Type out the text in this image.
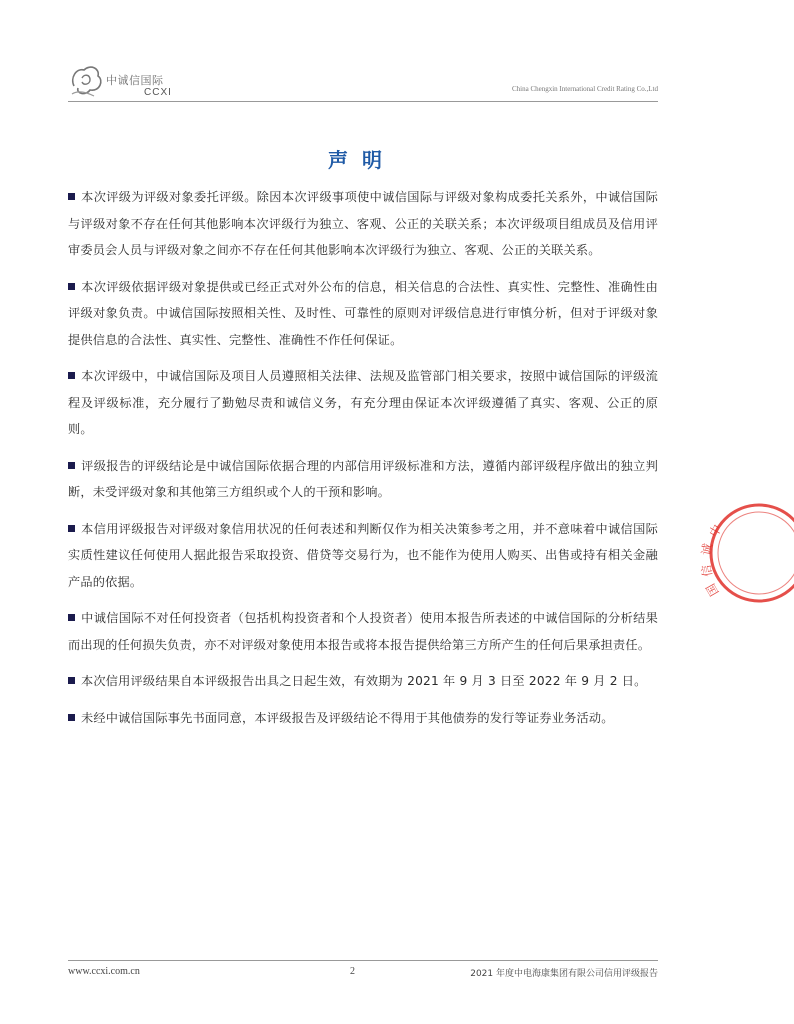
中诚信国际
CCXI	China Chengxin International Credit Rating Co.,Ltd
声明
本次评级为评级对象委托评级。除因本次评级事项使中诚信国际与评级对象构成委托关系外，中诚信国际与评级对象不存在任何其他影响本次评级行为独立、客观、公正的关联关系；本次评级项目组成员及信用评审委员会人员与评级对象之间亦不存在任何其他影响本次评级行为独立、客观、公正的关联关系。
本次评级依据评级对象提供或已经正式对外公布的信息，相关信息的合法性、真实性、完整性、准确性由评级对象负责。中诚信国际按照相关性、及时性、可靠性的原则对评级信息进行审慎分析，但对于评级对象提供信息的合法性、真实性、完整性、准确性不作任何保证。
本次评级中，中诚信国际及项目人员遵照相关法律、法规及监管部门相关要求，按照中诚信国际的评级流程及评级标准，充分履行了勤勉尽责和诚信义务，有充分理由保证本次评级遵循了真实、客观、公正的原则。
评级报告的评级结论是中诚信国际依据合理的内部信用评级标准和方法，遵循内部评级程序做出的独立判断，未受评级对象和其他第三方组织或个人的干预和影响。
本信用评级报告对评级对象信用状况的任何表述和判断仅作为相关决策参考之用，并不意味着中诚信国际实质性建议任何使用人据此报告采取投资、借贷等交易行为，也不能作为使用人购买、出售或持有相关金融产品的依据。
中诚信国际不对任何投资者（包括机构投资者和个人投资者）使用本报告所表述的中诚信国际的分析结果而出现的任何损失负责，亦不对评级对象使用本报告或将本报告提供给第三方所产生的任何后果承担责任。
本次信用评级结果自本评级报告出具之日起生效，有效期为 2021 年 9 月 3 日至 2022 年 9 月 2 日。
未经中诚信国际事先书面同意，本评级报告及评级结论不得用于其他债券的发行等证券业务活动。
中
诚
信
国
www.ccxi.com.cn	2	2021 年度中电海康集团有限公司信用评级报告
